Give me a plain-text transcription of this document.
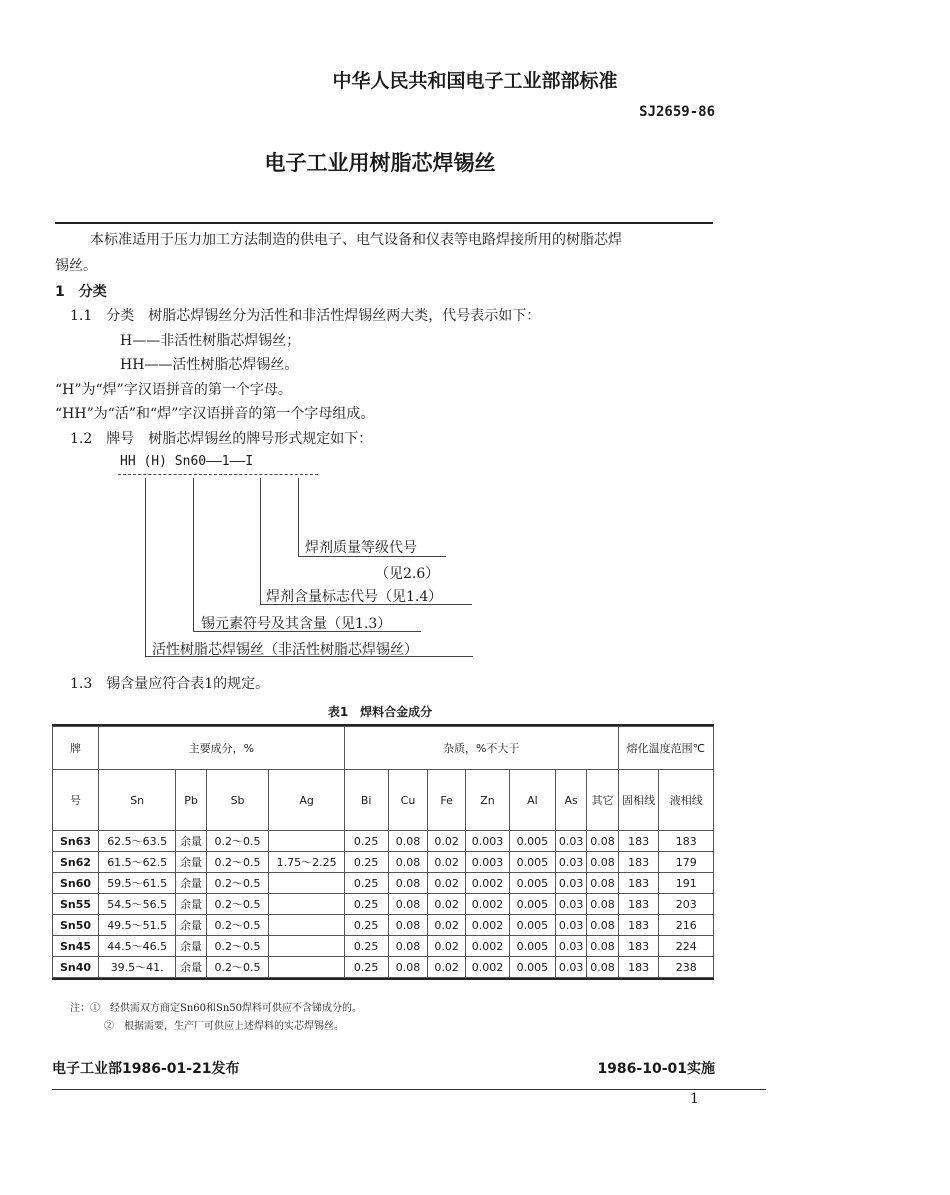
中华人民共和国电子工业部部标准
SJ2659-86
电子工业用树脂芯焊锡丝
本标准适用于压力加工方法制造的供电子、电气设备和仪表等电路焊接所用的树脂芯焊
锡丝。
1　分类
1.1　分类　树脂芯焊锡丝分为活性和非活性焊锡丝两大类，代号表示如下：
H——非活性树脂芯焊锡丝；
HH——活性树脂芯焊锡丝。
“H”为“焊”字汉语拼音的第一个字母。
“HH”为“活”和“焊”字汉语拼音的第一个字母组成。
1.2　牌号　树脂芯焊锡丝的牌号形式规定如下：
HH (H) Sn60——1——I
焊剂质量等级代号
（见2.6）
焊剂含量标志代号（见1.4）
锡元素符号及其含量（见1.3）
活性树脂芯焊锡丝（非活性树脂芯焊锡丝）
1.3　锡含量应符合表1的规定。
表1　焊料合金成分
牌	主要成分，%				杂质，%不大于							熔化温度范围℃	
号	Sn	Pb	Sb	Ag	Bi	Cu	Fe	Zn	Al	As	其它	固相线	液相线
Sn63	62.5～63.5	余量	0.2～0.5		0.25	0.08	0.02	0.003	0.005	0.03	0.08	183	183
Sn62	61.5～62.5	余量	0.2～0.5	1.75～2.25	0.25	0.08	0.02	0.003	0.005	0.03	0.08	183	179
Sn60	59.5～61.5	余量	0.2～0.5		0.25	0.08	0.02	0.002	0.005	0.03	0.08	183	191
Sn55	54.5～56.5	余量	0.2～0.5		0.25	0.08	0.02	0.002	0.005	0.03	0.08	183	203
Sn50	49.5～51.5	余量	0.2～0.5		0.25	0.08	0.02	0.002	0.005	0.03	0.08	183	216
Sn45	44.5～46.5	余量	0.2～0.5		0.25	0.08	0.02	0.002	0.005	0.03	0.08	183	224
Sn40	39.5～41.	余量	0.2～0.5		0.25	0.08	0.02	0.002	0.005	0.03	0.08	183	238
注：①　经供需双方商定Sn60和Sn50焊料可供应不含锑成分的。
②　根据需要，生产厂可供应上述焊料的实芯焊锡丝。
电子工业部1986-01-21发布	1986-10-01实施
1
